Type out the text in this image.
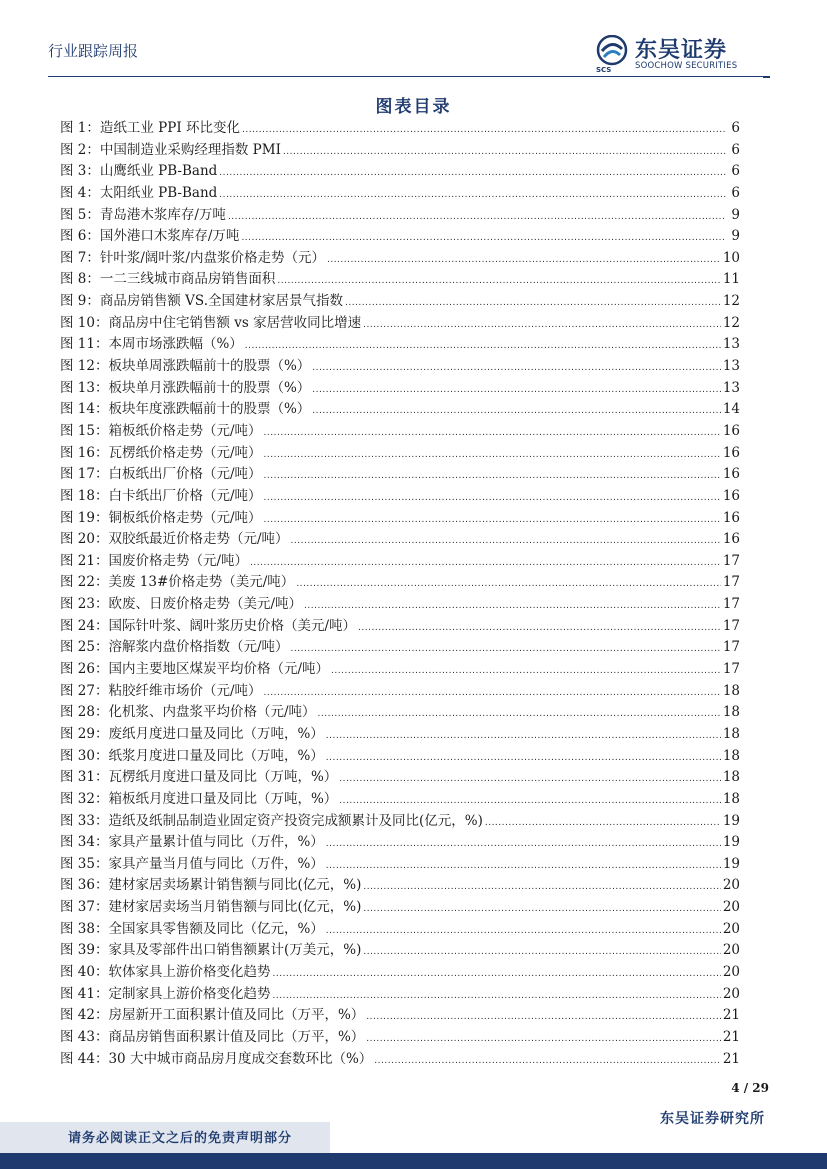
行业跟踪周报
SCS
东吴证券
SOOCHOW SECURITIES
图表目录
图 1：造纸工业 PPI 环比变化 .....	6
图 2：中国制造业采购经理指数 PMI .....	6
图 3：山鹰纸业 PB-Band .....	6
图 4：太阳纸业 PB-Band .....	6
图 5：青岛港木浆库存/万吨 .....	9
图 6：国外港口木浆库存/万吨 .....	9
图 7：针叶浆/阔叶浆/内盘浆价格走势（元） .....	10
图 8：一二三线城市商品房销售面积 .....	11
图 9：商品房销售额 VS.全国建材家居景气指数 .....	12
图 10：商品房中住宅销售额 vs 家居营收同比增速 .....	12
图 11：本周市场涨跌幅（%） .....	13
图 12：板块单周涨跌幅前十的股票（%） .....	13
图 13：板块单月涨跌幅前十的股票（%） .....	13
图 14：板块年度涨跌幅前十的股票（%） .....	14
图 15：箱板纸价格走势（元/吨） .....	16
图 16：瓦楞纸价格走势（元/吨） .....	16
图 17：白板纸出厂价格（元/吨） .....	16
图 18：白卡纸出厂价格（元/吨） .....	16
图 19：铜板纸价格走势（元/吨） .....	16
图 20：双胶纸最近价格走势（元/吨） .....	16
图 21：国废价格走势（元/吨） .....	17
图 22：美废 13#价格走势（美元/吨） .....	17
图 23：欧废、日废价格走势（美元/吨） .....	17
图 24：国际针叶浆、阔叶浆历史价格（美元/吨） .....	17
图 25：溶解浆内盘价格指数（元/吨） .....	17
图 26：国内主要地区煤炭平均价格（元/吨） .....	17
图 27：粘胶纤维市场价（元/吨） .....	18
图 28：化机浆、内盘浆平均价格（元/吨） .....	18
图 29：废纸月度进口量及同比（万吨，%） .....	18
图 30：纸浆月度进口量及同比（万吨，%） .....	18
图 31：瓦楞纸月度进口量及同比（万吨，%） .....	18
图 32：箱板纸月度进口量及同比（万吨，%） .....	18
图 33：造纸及纸制品制造业固定资产投资完成额累计及同比(亿元，%) .....	19
图 34：家具产量累计值与同比（万件，%） .....	19
图 35：家具产量当月值与同比（万件，%） .....	19
图 36：建材家居卖场累计销售额与同比(亿元，%) .....	20
图 37：建材家居卖场当月销售额与同比(亿元，%) .....	20
图 38：全国家具零售额及同比（亿元，%） .....	20
图 39：家具及零部件出口销售额累计(万美元，%) .....	20
图 40：软体家具上游价格变化趋势 .....	20
图 41：定制家具上游价格变化趋势 .....	20
图 42：房屋新开工面积累计值及同比（万平，%） .....	21
图 43：商品房销售面积累计值及同比（万平，%） .....	21
图 44：30 大中城市商品房月度成交套数环比（%） .....	21
4 / 29
东吴证券研究所
请务必阅读正文之后的免责声明部分
